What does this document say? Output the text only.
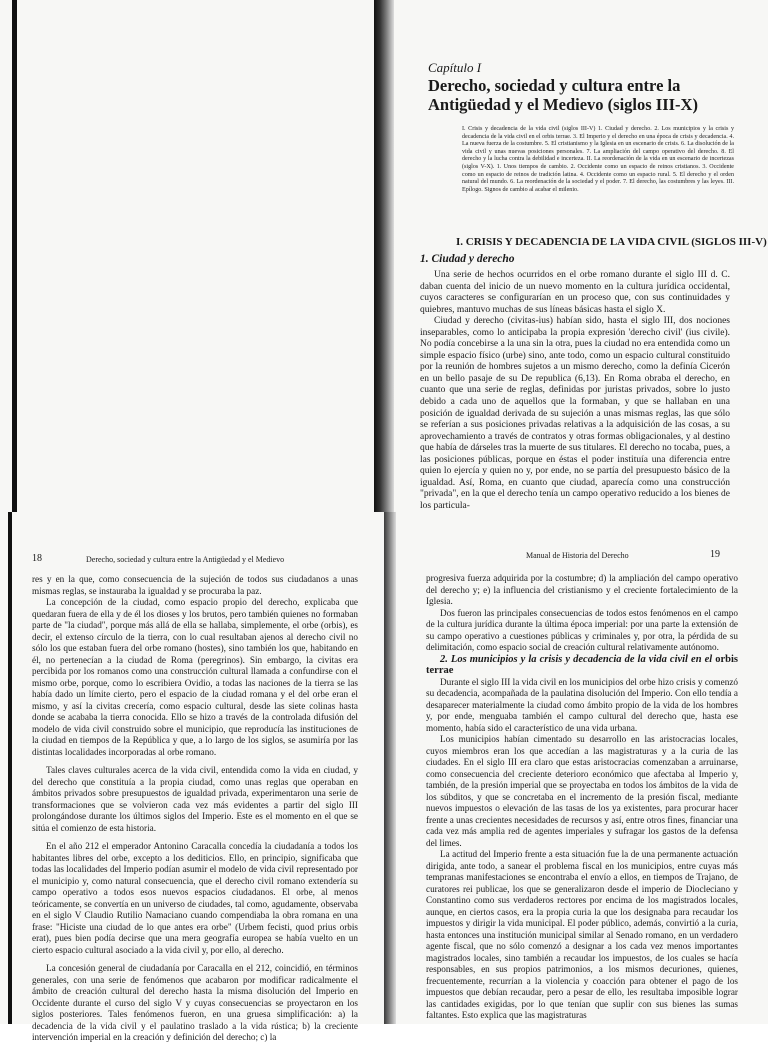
Capítulo I
Derecho, sociedad y cultura entre la Antigüedad y el Medievo (siglos III-X)

I. Crisis y decadencia de la vida civil (siglos III-V) 1. Ciudad y derecho. 2. Los municipios y la crisis y decadencia de la vida civil en el orbis terrae. 3. El Imperio y el derecho en una época de crisis y decadencia. 4. La nueva fuerza de la costumbre. 5. El cristianismo y la Iglesia en un escenario de crisis. 6. La disolución de la vida civil y unas nuevas posiciones personales. 7. La ampliación del campo operativo del derecho. 8. El derecho y la lucha contra la debilidad e incerteza. II. La reordenación de la vida en un escenario de incertezas (siglos V-X). 1. Unos tiempos de cambio. 2. Occidente como un espacio de reinos cristianos. 3. Occidente como un espacio de reinos de tradición latina. 4. Occidente como un espacio rural. 5. El derecho y el orden natural del mundo. 6. La reordenación de la sociedad y el poder. 7. El derecho, las costumbres y las leyes. III. Epílogo. Signos de cambio al acabar el milenio.

I. CRISIS Y DECADENCIA DE LA VIDA CIVIL (SIGLOS III-V)
1. Ciudad y derecho

Una serie de hechos ocurridos en el orbe romano durante el siglo III d. C. daban cuenta del inicio de un nuevo momento en la cultura jurídica occidental, cuyos caracteres se configurarían en un proceso que, con sus continuidades y quiebres, mantuvo muchas de sus líneas básicas hasta el siglo X.

Ciudad y derecho (civitas-ius) habían sido, hasta el siglo III, dos nociones inseparables, como lo anticipaba la propia expresión 'derecho civil' (ius civile). No podía concebirse a la una sin la otra, pues la ciudad no era entendida como un simple espacio físico (urbe) sino, ante todo, como un espacio cultural constituido por la reunión de hombres sujetos a un mismo derecho, como la definía Cicerón en un bello pasaje de su De republica (6,13). En Roma obraba el derecho, en cuanto que una serie de reglas, definidas por juristas privados, sobre lo justo debido a cada uno de aquellos que la formaban, y que se hallaban en una posición de igualdad derivada de su sujeción a unas mismas reglas, las que sólo se referían a sus posiciones privadas relativas a la adquisición de las cosas, a su aprovechamiento a través de contratos y otras formas obligacionales, y al destino que había de dárseles tras la muerte de sus titulares. El derecho no tocaba, pues, a las posiciones públicas, porque en éstas el poder instituía una diferencia entre quien lo ejercía y quien no y, por ende, no se partía del presupuesto básico de la igualdad. Así, Roma, en cuanto que ciudad, aparecía como una construcción "privada", en la que el derecho tenía un campo operativo reducido a los bienes de los particula-

18	Derecho, sociedad y cultura entre la Antigüedad y el Medievo

res y en la que, como consecuencia de la sujeción de todos sus ciudadanos a unas mismas reglas, se instauraba la igualdad y se procuraba la paz.

La concepción de la ciudad, como espacio propio del derecho, explicaba que quedaran fuera de ella y de él los dioses y los brutos, pero también quienes no formaban parte de "la ciudad", porque más allá de ella se hallaba, simplemente, el orbe (orbis), es decir, el extenso círculo de la tierra, con lo cual resultaban ajenos al derecho civil no sólo los que estaban fuera del orbe romano (hostes), sino también los que, habitando en él, no pertenecían a la ciudad de Roma (peregrinos). Sin embargo, la civitas era percibida por los romanos como una construcción cultural llamada a confundirse con el mismo orbe, porque, como lo escribiera Ovidio, a todas las naciones de la tierra se las había dado un límite cierto, pero el espacio de la ciudad romana y el del orbe eran el mismo, y así la civitas crecería, como espacio cultural, desde las siete colinas hasta donde se acababa la tierra conocida. Ello se hizo a través de la controlada difusión del modelo de vida civil construido sobre el municipio, que reproducía las instituciones de la ciudad en tiempos de la República y que, a lo largo de los siglos, se asumiría por las distintas localidades incorporadas al orbe romano.

Tales claves culturales acerca de la vida civil, entendida como la vida en ciudad, y del derecho que constituía a la propia ciudad, como unas reglas que operaban en ámbitos privados sobre presupuestos de igualdad privada, experimentaron una serie de transformaciones que se volvieron cada vez más evidentes a partir del siglo III prolongándose durante los últimos siglos del Imperio. Este es el momento en el que se sitúa el comienzo de esta historia.

En el año 212 el emperador Antonino Caracalla concedía la ciudadanía a todos los habitantes libres del orbe, excepto a los dediticios. Ello, en principio, significaba que todas las localidades del Imperio podían asumir el modelo de vida civil representado por el municipio y, como natural consecuencia, que el derecho civil romano extendería su campo operativo a todos esos nuevos espacios ciudadanos. El orbe, al menos teóricamente, se convertía en un universo de ciudades, tal como, agudamente, observaba en el siglo V Claudio Rutilio Namaciano cuando compendiaba la obra romana en una frase: "Hiciste una ciudad de lo que antes era orbe" (Urbem fecisti, quod prius orbis erat), pues bien podía decirse que una mera geografía europea se había vuelto en un cierto espacio cultural asociado a la vida civil y, por ello, al derecho.

La concesión general de ciudadanía por Caracalla en el 212, coincidió, en términos generales, con una serie de fenómenos que acabaron por modificar radicalmente el ámbito de creación cultural del derecho hasta la misma disolución del Imperio en Occidente durante el curso del siglo V y cuyas consecuencias se proyectaron en los siglos posteriores. Tales fenómenos fueron, en una gruesa simplificación: a) la decadencia de la vida civil y el paulatino traslado a la vida rústica; b) la creciente intervención imperial en la creación y definición del derecho; c) la

Manual de Historia del Derecho	19

progresiva fuerza adquirida por la costumbre; d) la ampliación del campo operativo del derecho y; e) la influencia del cristianismo y el creciente fortalecimiento de la Iglesia.

Dos fueron las principales consecuencias de todos estos fenómenos en el campo de la cultura jurídica durante la última época imperial: por una parte la extensión de su campo operativo a cuestiones públicas y criminales y, por otra, la pérdida de su delimitación, como espacio social de creación cultural relativamente autónomo.

2. Los municipios y la crisis y decadencia de la vida civil en el orbis terrae

Durante el siglo III la vida civil en los municipios del orbe hizo crisis y comenzó su decadencia, acompañada de la paulatina disolución del Imperio. Con ello tendía a desaparecer materialmente la ciudad como ámbito propio de la vida de los hombres y, por ende, menguaba también el campo cultural del derecho que, hasta ese momento, había sido el característico de una vida urbana.

Los municipios habían cimentado su desarrollo en las aristocracias locales, cuyos miembros eran los que accedían a las magistraturas y a la curia de las ciudades. En el siglo III era claro que estas aristocracias comenzaban a arruinarse, como consecuencia del creciente deterioro económico que afectaba al Imperio y, también, de la presión imperial que se proyectaba en todos los ámbitos de la vida de los súbditos, y que se concretaba en el incremento de la presión fiscal, mediante nuevos impuestos o elevación de las tasas de los ya existentes, para procurar hacer frente a unas crecientes necesidades de recursos y así, entre otros fines, financiar una cada vez más amplia red de agentes imperiales y sufragar los gastos de la defensa del limes.

La actitud del Imperio frente a esta situación fue la de una permanente actuación dirigida, ante todo, a sanear el problema fiscal en los municipios, entre cuyas más tempranas manifestaciones se encontraba el envío a ellos, en tiempos de Trajano, de curatores rei publicae, los que se generalizaron desde el imperio de Diocleciano y Constantino como sus verdaderos rectores por encima de los magistrados locales, aunque, en ciertos casos, era la propia curia la que los designaba para recaudar los impuestos y dirigir la vida municipal. El poder público, además, convirtió a la curia, hasta entonces una institución municipal similar al Senado romano, en un verdadero agente fiscal, que no sólo comenzó a designar a los cada vez menos importantes magistrados locales, sino también a recaudar los impuestos, de los cuales se hacía responsables, en sus propios patrimonios, a los mismos decuriones, quienes, frecuentemente, recurrían a la violencia y coacción para obtener el pago de los impuestos que debían recaudar, pero a pesar de ello, les resultaba imposible lograr las cantidades exigidas, por lo que tenían que suplir con sus bienes las sumas faltantes. Esto explica que las magistraturas
